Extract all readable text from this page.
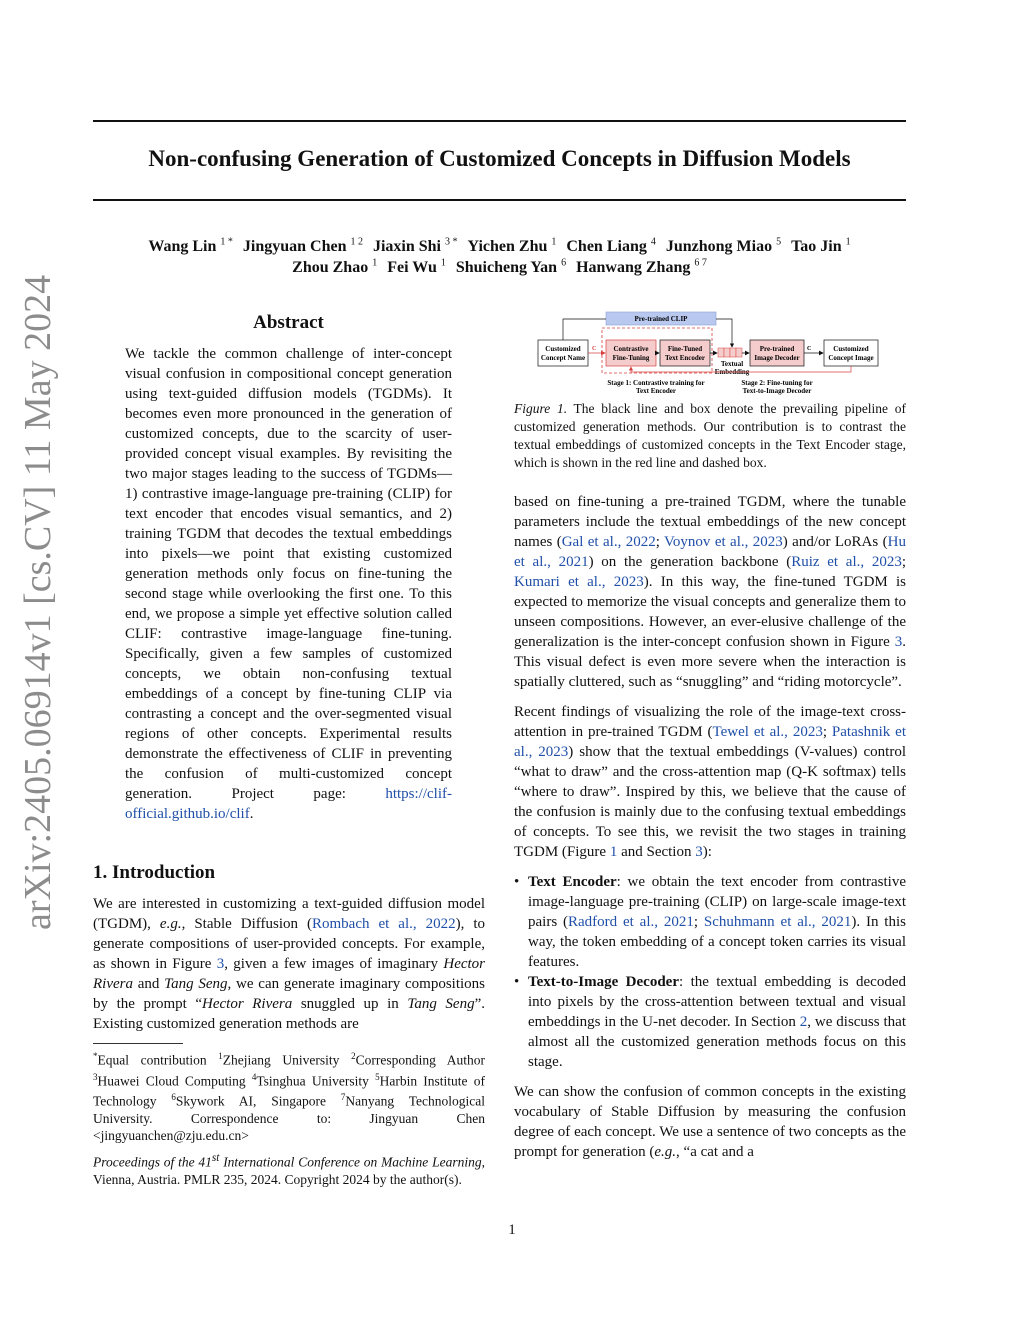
Non-confusing Generation of Customized Concepts in Diffusion Models
Wang Lin $^{1 *}$ Jingyuan Chen $^{1 2}$ Jiaxin Shi $^{3 *}$ Yichen Zhu $^1$ Chen Liang $^4$ Junzhong Miao $^5$ Tao Jin $^1$
Zhou Zhao $^1$ Fei Wu $^1$ Shuicheng Yan $^6$ Hanwang Zhang $^{6 7}$
arXiv:2405.06914v1 [cs.CV] 11 May 2024	Abstract
We tackle the common challenge of inter-concept visual confusion in compositional concept generation using text-guided diffusion models (TGDMs). It becomes even more pronounced in the generation of customized concepts, due to the scarcity of user-provided concept visual examples. By revisiting the two major stages leading to the success of TGDMs—1) contrastive image-language pre-training (CLIP) for text encoder that encodes visual semantics, and 2) training TGDM that decodes the textual embeddings into pixels—we point that existing customized generation methods only focus on fine-tuning the second stage while overlooking the first one. To this end, we propose a simple yet effective solution called CLIF: contrastive image-language fine-tuning. Specifically, given a few samples of customized concepts, we obtain non-confusing textual embeddings of a concept by fine-tuning CLIP via contrasting a concept and the over-segmented visual regions of other concepts. Experimental results demonstrate the effectiveness of CLIF in preventing the confusion of multi-customized concept generation. Project page: https://clif-official.github.io/clif.
1. Introduction

We are interested in customizing a text-guided diffusion model (TGDM), e.g., Stable Diffusion (Rombach et al., 2022), to generate compositions of user-provided concepts. For example, as shown in Figure 3, given a few images of imaginary Hector Rivera and Tang Seng, we can generate imaginary compositions by the prompt “Hector Rivera snuggled up in Tang Seng”. Existing customized generation methods are

*Equal contribution $^1$Zhejiang University $^2$Corresponding Author $^3$Huawei Cloud Computing $^4$Tsinghua University $^5$Harbin Institute of Technology $^6$Skywork AI, Singapore $^7$Nanyang Technological University. Correspondence to: Jingyuan Chen <jingyuanchen@zju.edu.cn>
Proceedings of the 41st International Conference on Machine Learning, Vienna, Austria. PMLR 235, 2024. Copyright 2024 by the author(s).
Pre-trained CLIP
Customized
Concept Name
Contrastive
Fine-Tuning
Fine-Tuned
Text Encoder
Textual
Embedding
Pre-trained
Image Decoder
Customized
Concept Image
C	C
Stage 1: Contrastive training for
Text Encoder
Stage 2: Fine-tuning for
Text-to-Image Decoder
Figure 1. The black line and box denote the prevailing pipeline of customized generation methods. Our contribution is to contrast the textual embeddings of customized concepts in the Text Encoder stage, which is shown in the red line and dashed box.

based on fine-tuning a pre-trained TGDM, where the tunable parameters include the textual embeddings of the new concept names (Gal et al., 2022; Voynov et al., 2023) and/or LoRAs (Hu et al., 2021) on the generation backbone (Ruiz et al., 2023; Kumari et al., 2023). In this way, the fine-tuned TGDM is expected to memorize the visual concepts and generalize them to unseen compositions. However, an ever-elusive challenge of the generalization is the inter-concept confusion shown in Figure 3. This visual defect is even more severe when the interaction is spatially cluttered, such as “snuggling” and “riding motorcycle”.

Recent findings of visualizing the role of the image-text cross-attention in pre-trained TGDM (Tewel et al., 2023; Patashnik et al., 2023) show that the textual embeddings (V-values) control “what to draw” and the cross-attention map (Q-K softmax) tells “where to draw”. Inspired by this, we believe that the cause of the confusion is mainly due to the confusing textual embeddings of concepts. To see this, we revisit the two stages in training TGDM (Figure 1 and Section 3):

• Text Encoder: we obtain the text encoder from contrastive image-language pre-training (CLIP) on large-scale image-text pairs (Radford et al., 2021; Schuhmann et al., 2021). In this way, the token embedding of a concept token carries its visual features.
• Text-to-Image Decoder: the textual embedding is decoded into pixels by the cross-attention between textual and visual embeddings in the U-net decoder. In Section 2, we discuss that almost all the customized generation methods focus on this stage.

We can show the confusion of common concepts in the existing vocabulary of Stable Diffusion by measuring the confusion degree of each concept. We use a sentence of two concepts as the prompt for generation (e.g., “a cat and a

1
